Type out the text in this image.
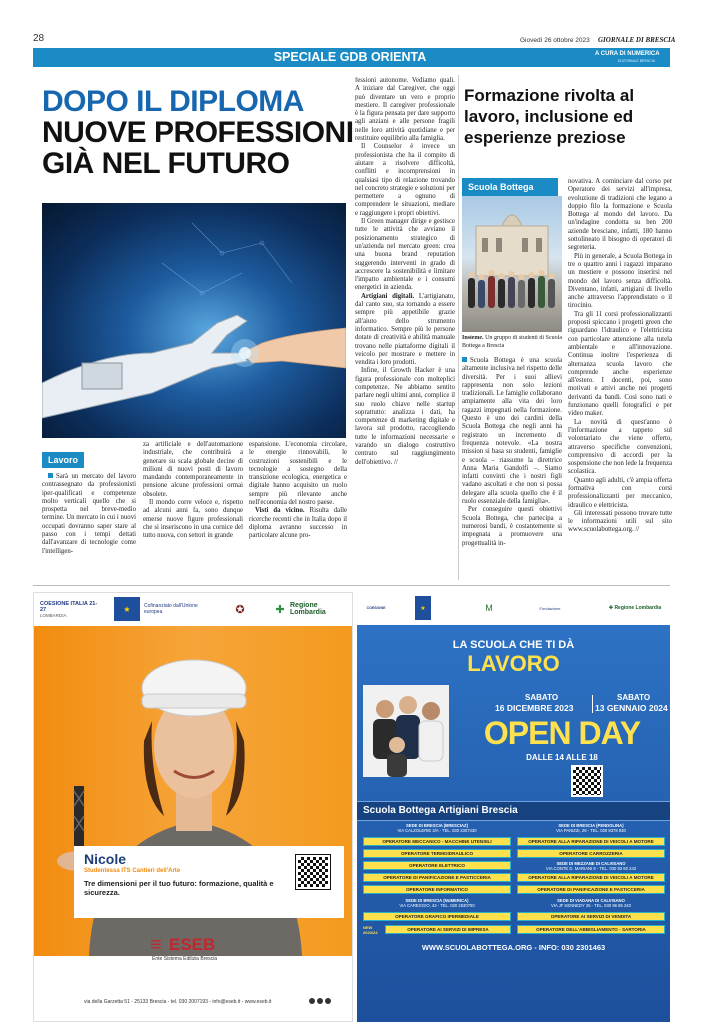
28	Giovedì 26 ottobre 2023 GIORNALE DI BRESCIA
SPECIALE GDB ORIENTA	A CURA DI NUMERICA
EDITORIALE BRESCIA
DOPO IL DIPLOMA
NUOVE PROFESSIONI
GIÀ NEL FUTURO
Lavoro

Sarà un mercato del lavoro contrassegnato da professionisti iper-qualificati e competenze molto verticali quello che si prospetta nel breve-medio termine. Un mercato in cui i nuovi occupati dovranno saper stare al passo con i tempi dettati dall'avanzare di tecnologie come l'intelligen-

za artificiale e dell'automazione industriale, che contribuirà a generare su scala globale decine di milioni di nuovi posti di lavoro mandando contemporaneamente in pensione alcune professioni ormai obsolete.

Il mondo corre veloce e, rispetto ad alcuni anni fa, sono dunque emerse nuove figure professionali che si inseriscono in una cornice del tutto nuova, con settori in grande

espansione. L'economia circolare, le energie rinnovabili, le costruzioni sostenibili e le tecnologie a sostegno della transizione ecologica, energetica e digitale hanno acquisito un ruolo sempre più rilevante anche nell'economia del nostro paese.

Visti da vicino. Risulta dalle ricerche recenti che in Italia dopo il diploma avranno successo in particolare alcune pro-

fessioni autonome. Vediamo quali. A iniziare dal Caregiver, che oggi può diventare un vero e proprio mestiere. Il caregiver professionale è la figura pensata per dare supporto agli anziani e alle persone fragili nelle loro attività quotidiane e per restituire equilibrio alla famiglia.

Il Counselor è invece un professionista che ha il compito di aiutare a risolvere difficoltà, conflitti e incomprensioni in qualsiasi tipo di relazione trovando nel concreto strategie e soluzioni per permettere a ognuno di comprendere le situazioni, mediare e raggiungere i propri obiettivi.

Il Green manager dirige e gestisce tutte le attività che avviano il posizionamento strategico di un'azienda nel mercato green: crea una buona brand reputation suggerendo interventi in grado di accrescere la sostenibilità e limitare l'impatto ambientale e i consumi energetici in azienda.

Artigiani digitali. L'artigianato, dal canto suo, sta tornando a essere sempre più appetibile grazie all'aiuto dello strumento informatico. Sempre più le persone dotate di creatività e abilità manuale trovano nelle piattaforme digitali il veicolo per mostrare e mettere in vendita i loro prodotti.

Infine, il Growth Hacker è una figura professionale con molteplici competenze. Ne abbiamo sentito parlare negli ultimi anni, complice il suo ruolo chiave nelle startup soprattutto: analizza i dati, ha competenze di marketing digitale e lavora sul prodotto, raccogliendo tutte le informazioni necessarie e varando un dialogo costruttivo centrato sul raggiungimento dell'obiettivo. //

Formazione rivolta al lavoro, inclusione ed esperienze preziose
Scuola Bottega
Insieme. Un gruppo di studenti di Scuola Bottega a Brescia

Scuola Bottega è una scuola altamente inclusiva nel rispetto delle diversità. Per i suoi allievi rappresenta non solo lezioni tradizionali. Le famiglie collaborano ampiamente alla vita dei loro ragazzi impegnati nella formazione. Questo è uno dei cardini della Scuola Bottega che negli anni ha registrato un incremento di frequenza notevole. «La nostra mission si basa su studenti, famiglie e scuola – riassume la direttrice Anna Maria Gandolfi –. Siamo infatti convinti che i nostri figli vadano ascoltati e che non si possa delegare alla scuola quello che è il ruolo essenziale della famiglia».

Per conseguire questi obiettivi Scuola Bottega, che partecipa a numerosi bandi, è costantemente si impegnata a promuovere una progettualità in-

novativa. A cominciare dal corso per Operatore dei servizi all'impresa, evoluzione di tradizioni che legano a doppio filo la formazione e Scuola Bottega al mondo del lavoro. Da un'indagine condotta su ben 200 aziende bresciane, infatti, 180 hanno sottolineato il bisogno di operatori di segreteria.

Più in generale, a Scuola Bottega in tre o quattro anni i ragazzi imparano un mestiere e possono inserirsi nel mondo del lavoro senza difficoltà. Diventano, infatti, artigiani di livello anche attraverso l'apprendistato o il tirocinio.

Tra gli 11 corsi professionalizzanti proposti spiccano i progetti green che riguardano l'idraulico e l'elettricista con particolare attenzione alla tutela ambientale e all'innovazione. Continua inoltre l'esperienza di alternanza scuola lavoro che comprende anche esperienze all'estero. I docenti, poi, sono motivati e attivi anche nei progetti derivanti da bandi. Così sono nati e funzionano quelli fotografici e per video maker.

La novità di quest'anno è l'informazione a tappeto sul volontariato che viene offerto, attraverso specifiche convenzioni, comprensivo di accordi per la sospensione che non lede la frequenza scolastica.

Quanto agli adulti, c'è ampia offerta formativa con corsi professionalizzanti per meccanico, idraulico e elettricista.

Gli interessati possono trovare tutte le informazioni utili sul sito www.scuolabottega.org. //

COESIONE ITALIA 21-27
LOMBARDIA
★	Cofinanziato dall'Unione europea	✪	✚ Regione Lombardia
Nicole
Studentessa ITS Cantieri dell'Arte
Tre dimensioni per il tuo futuro: formazione, qualità e sicurezza.
≡ ESEB
Ente Sistema Edilizia Brescia
via della Garzetta 51 - 25133 Brescia - tel. 030 2007193 - info@eseb.it - www.eseb.it
COESIONE	★	M	Fondazione	✚ Regione Lombardia
LA SCUOLA CHE TI DÀ
LAVORO
SABATO
16 DICEMBRE 2023
SABATO
13 GENNAIO 2024
OPEN DAY
DALLE 14 ALLE 18
Scuola Bottega Artigiani Brescia
SEDE DI BRESCIA (BRESCIAZ)
VIA CALZOLERIE 3/A - TEL. 030 2307430
SEDE DI BRESCIA (PENDOLINA)
VIA PANIZZI, 28 - TEL. 030 8378 930
OPERATORE MECCANICO - MACCHINE UTENSILI
OPERATORE TERMOIDRAULICO
OPERATORE ELETTRICO
OPERATORE DI PANIFICAZIONE E PASTICCERIA
OPERATORE INFORMATICO
SEDE DI BRESCIA (NUMERICA)
VIA CAREGGIO, 43 - TEL. 030 2530750
OPERATORE GRAFICO IPERMEDIALE
NEW 2023/24
OPERATORE AI SERVIZI DI IMPRESA
OPERATORE ALLA RIPARAZIONE DI VEICOLI A MOTORE
OPERATORE CARROZZERIA
SEDE DI MEZZANE DI CALVISANO
VIA CONTE D. MARIANI 8 - TEL. 030 93 60 243
OPERATORE ALLA RIPARAZIONE DI VEICOLI A MOTORE
OPERATORE DI PANIFICAZIONE E PASTICCERIA
SEDE DI VIADANA DI CALVISANO
VIA JF KENNEDY 35 - TEL. 030 96 85 240
OPERATORE AI SERVIZI DI VENDITA
OPERATORE DELL'ABBIGLIAMENTO - SARTORIA
WWW.SCUOLABOTTEGA.ORG - INFO: 030 2301463
